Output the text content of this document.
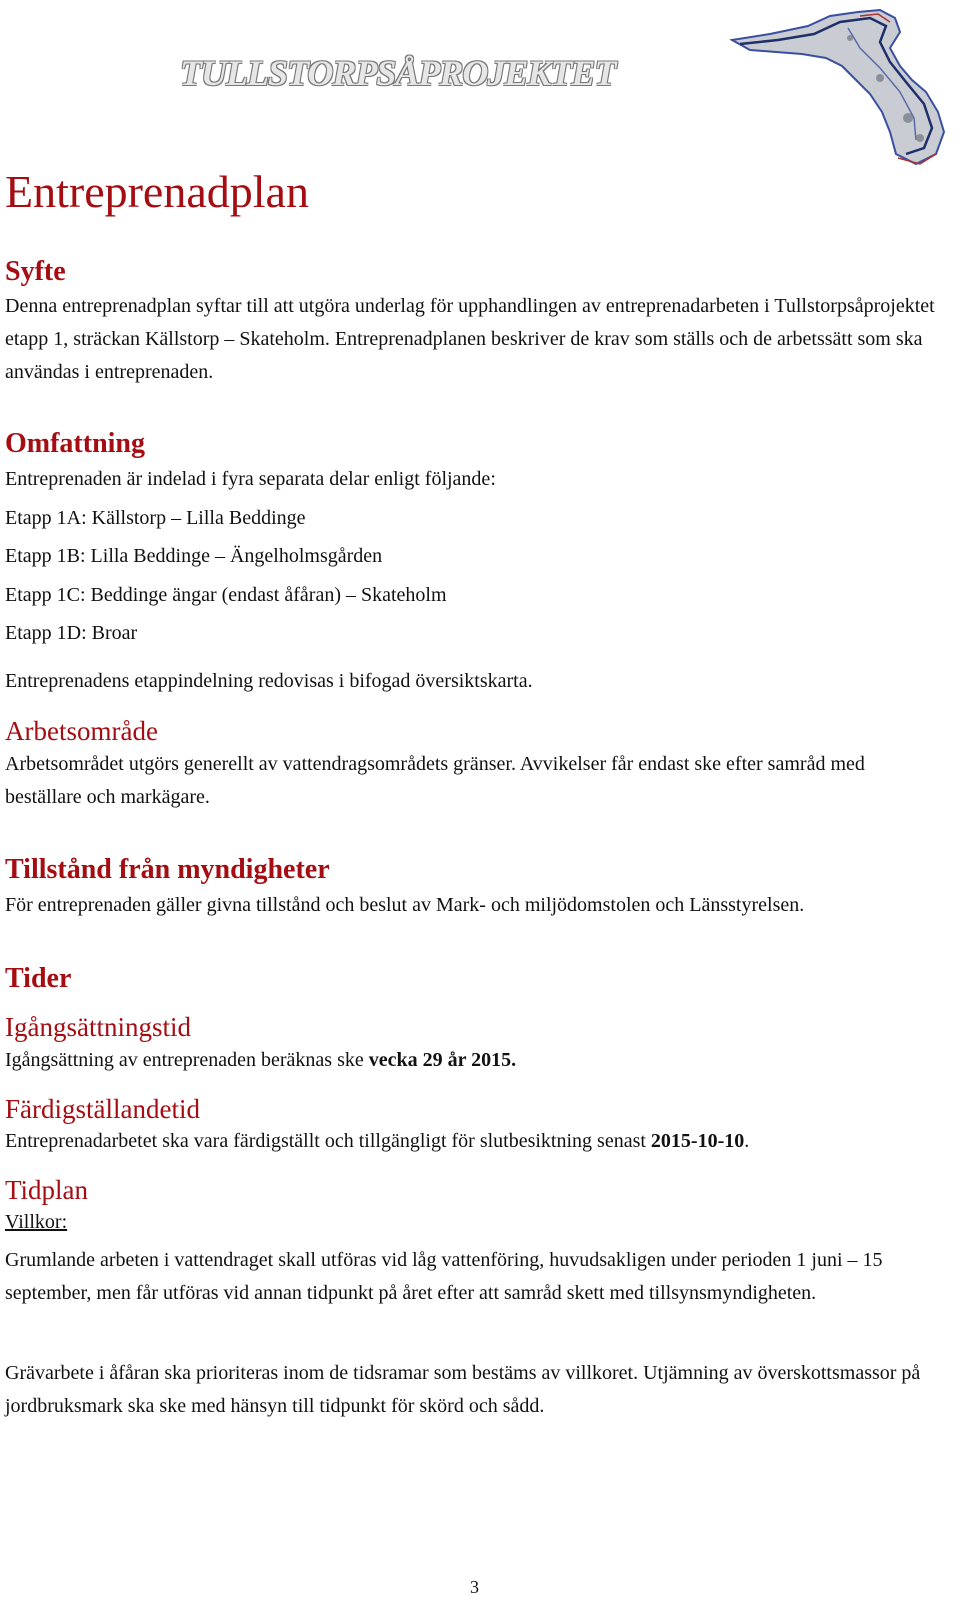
TULLSTORPSÅPROJEKTET
Entreprenadplan
Syfte
Denna entreprenadplan syftar till att utgöra underlag för upphandlingen av entreprenadarbeten i Tullstorpsåprojektet etapp 1, sträckan Källstorp – Skateholm. Entreprenadplanen beskriver de krav som ställs och de arbetssätt som ska användas i entreprenaden.
Omfattning
Entreprenaden är indelad i fyra separata delar enligt följande:
Etapp 1A: Källstorp – Lilla Beddinge
Etapp 1B: Lilla Beddinge – Ängelholmsgården
Etapp 1C: Beddinge ängar (endast åfåran) – Skateholm
Etapp 1D: Broar
Entreprenadens etappindelning redovisas i bifogad översiktskarta.
Arbetsområde
Arbetsområdet utgörs generellt av vattendragsområdets gränser. Avvikelser får endast ske efter samråd med beställare och markägare.
Tillstånd från myndigheter
För entreprenaden gäller givna tillstånd och beslut av Mark- och miljödomstolen och Länsstyrelsen.
Tider
Igångsättningstid
Igångsättning av entreprenaden beräknas ske vecka 29 år 2015.
Färdigställandetid
Entreprenadarbetet ska vara färdigställt och tillgängligt för slutbesiktning senast 2015-10-10.
Tidplan
Villkor:
Grumlande arbeten i vattendraget skall utföras vid låg vattenföring, huvudsakligen under perioden 1 juni – 15 september, men får utföras vid annan tidpunkt på året efter att samråd skett med tillsynsmyndigheten.
Grävarbete i åfåran ska prioriteras inom de tidsramar som bestäms av villkoret. Utjämning av överskottsmassor på jordbruksmark ska ske med hänsyn till tidpunkt för skörd och sådd.
3
